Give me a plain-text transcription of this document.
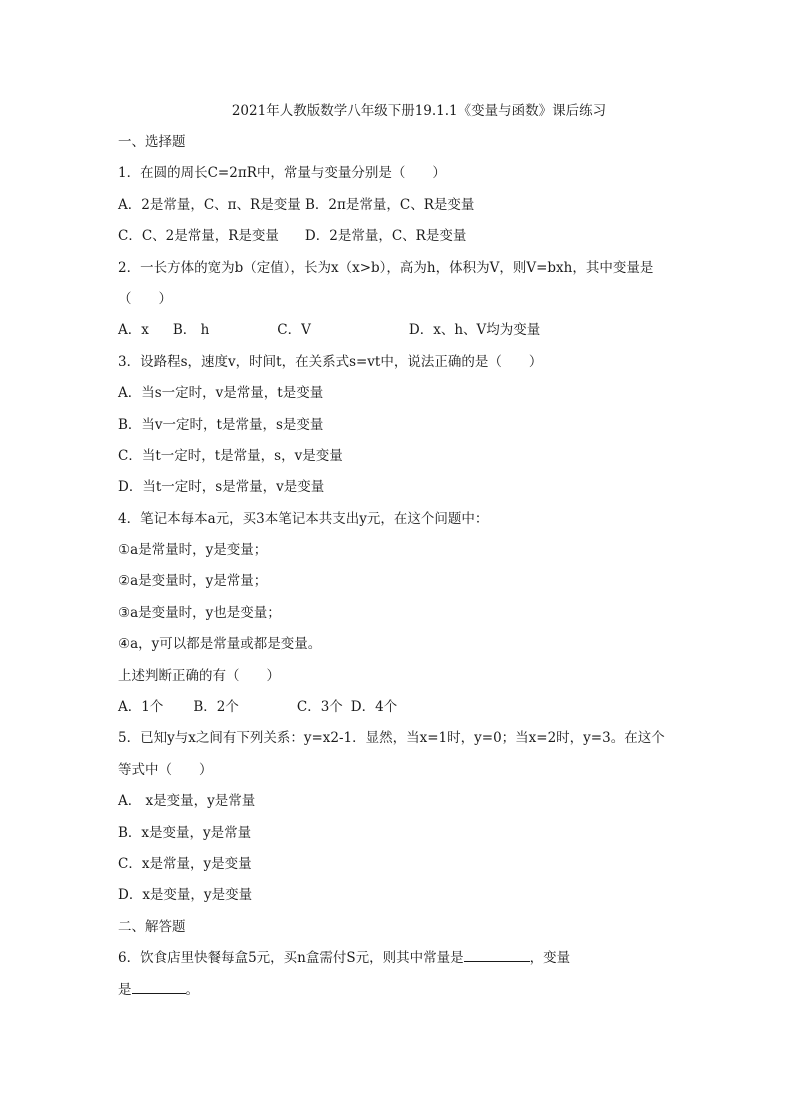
2021年人教版数学八年级下册19.1.1《变量与函数》课后练习
一、选择题
1．在圆的周长C=2πR中，常量与变量分别是（　　）
A．2是常量，C、π、R是变量 B．2π是常量，C、R是变量
C．C、2是常量，R是变量 D．2是常量，C、R是变量
2．一长方体的宽为b（定值），长为x（x>b），高为h，体积为V，则V=bxh，其中变量是
（　　）
A．x B． h	C．V	D．x、h、V均为变量
3．设路程s，速度v，时间t，在关系式s=vt中，说法正确的是（　　）
A．当s一定时，v是常量，t是变量
B．当v一定时，t是常量，s是变量
C．当t一定时，t是常量，s，v是变量
D．当t一定时，s是常量，v是变量
4．笔记本每本a元，买3本笔记本共支出y元，在这个问题中：
①a是常量时，y是变量；
②a是变量时，y是常量；
③a是变量时，y也是变量；
④a，y可以都是常量或都是变量。
上述判断正确的有（　　）
A．1个 B．2个	C．3个 D．4个
5．已知y与x之间有下列关系：y=x2-1．显然，当x=1时，y=0；当x=2时，y=3。在这个
等式中（　　）
A． x是变量，y是常量
B．x是变量，y是常量
C．x是常量，y是变量
D．x是变量，y是变量
二、解答题
6．饮食店里快餐每盒5元，买n盒需付S元，则其中常量是	，变量
是	。
